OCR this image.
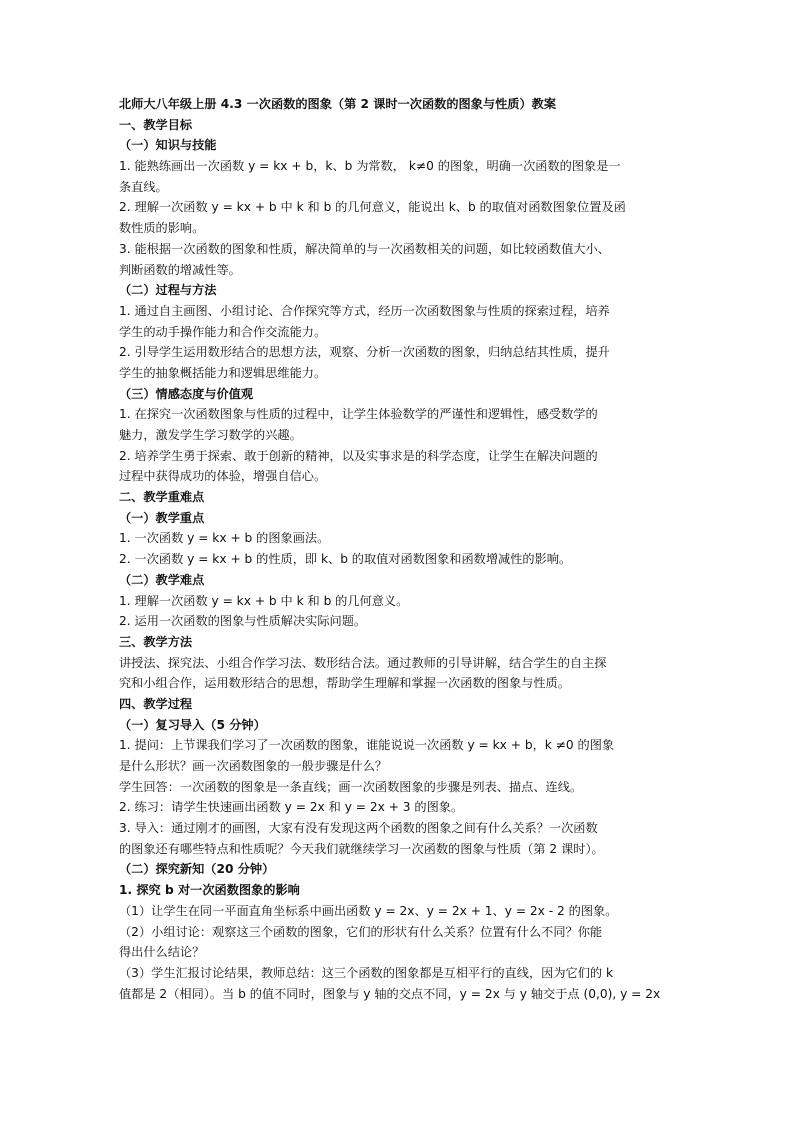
北师大八年级上册 4.3 一次函数的图象（第 2 课时一次函数的图象与性质）教案
一、教学目标
（一）知识与技能
1. 能熟练画出一次函数 y = kx + b，k、b 为常数， k≠0 的图象，明确一次函数的图象是一
条直线。
2. 理解一次函数 y = kx + b 中 k 和 b 的几何意义，能说出 k、b 的取值对函数图象位置及函
数性质的影响。
3. 能根据一次函数的图象和性质，解决简单的与一次函数相关的问题，如比较函数值大小、
判断函数的增减性等。
（二）过程与方法
1. 通过自主画图、小组讨论、合作探究等方式，经历一次函数图象与性质的探索过程，培养
学生的动手操作能力和合作交流能力。
2. 引导学生运用数形结合的思想方法，观察、分析一次函数的图象，归纳总结其性质，提升
学生的抽象概括能力和逻辑思维能力。
（三）情感态度与价值观
1. 在探究一次函数图象与性质的过程中，让学生体验数学的严谨性和逻辑性，感受数学的
魅力，激发学生学习数学的兴趣。
2. 培养学生勇于探索、敢于创新的精神，以及实事求是的科学态度，让学生在解决问题的
过程中获得成功的体验，增强自信心。
二、教学重难点
（一）教学重点
1. 一次函数 y = kx + b 的图象画法。
2. 一次函数 y = kx + b 的性质，即 k、b 的取值对函数图象和函数增减性的影响。
（二）教学难点
1. 理解一次函数 y = kx + b 中 k 和 b 的几何意义。
2. 运用一次函数的图象与性质解决实际问题。
三、教学方法
讲授法、探究法、小组合作学习法、数形结合法。通过教师的引导讲解，结合学生的自主探
究和小组合作，运用数形结合的思想，帮助学生理解和掌握一次函数的图象与性质。
四、教学过程
（一）复习导入（5 分钟）
1. 提问：上节课我们学习了一次函数的图象，谁能说说一次函数 y = kx + b，k ≠0 的图象
是什么形状？画一次函数图象的一般步骤是什么？
学生回答：一次函数的图象是一条直线；画一次函数图象的步骤是列表、描点、连线。
2. 练习：请学生快速画出函数 y = 2x 和 y = 2x + 3 的图象。
3. 导入：通过刚才的画图，大家有没有发现这两个函数的图象之间有什么关系？一次函数
的图象还有哪些特点和性质呢？今天我们就继续学习一次函数的图象与性质（第 2 课时）。
（二）探究新知（20 分钟）
1. 探究 b 对一次函数图象的影响
（1）让学生在同一平面直角坐标系中画出函数 y = 2x、y = 2x + 1、y = 2x - 2 的图象。
（2）小组讨论：观察这三个函数的图象，它们的形状有什么关系？位置有什么不同？你能
得出什么结论？
（3）学生汇报讨论结果，教师总结：这三个函数的图象都是互相平行的直线，因为它们的 k
值都是 2（相同）。当 b 的值不同时，图象与 y 轴的交点不同，y = 2x 与 y 轴交于点 (0,0), y = 2x
